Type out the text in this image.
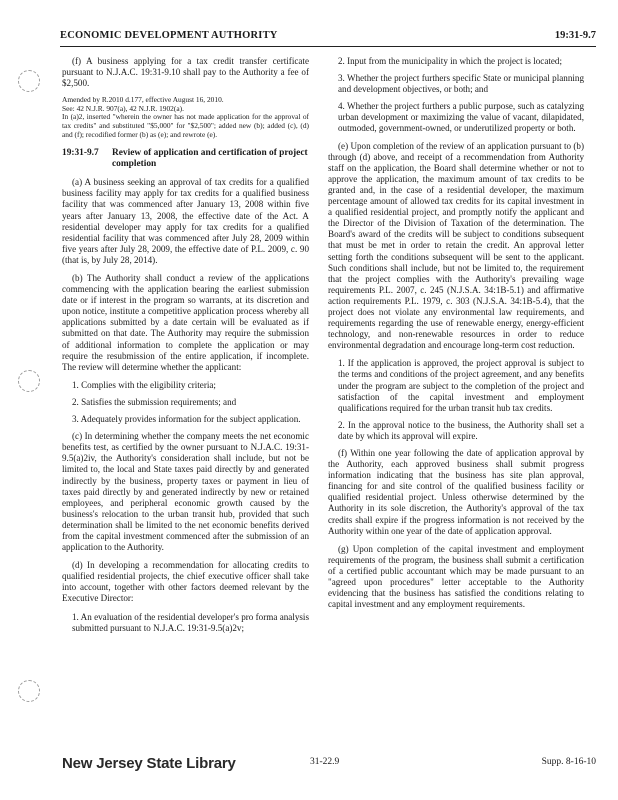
ECONOMIC DEVELOPMENT AUTHORITY	19:31-9.7

(f) A business applying for a tax credit transfer certificate pursuant to N.J.A.C. 19:31-9.10 shall pay to the Authority a fee of $2,500.

Amended by R.2010 d.177, effective August 16, 2010.
See: 42 N.J.R. 907(a), 42 N.J.R. 1902(a).
In (a)2, inserted "wherein the owner has not made application for the approval of tax credits" and substituted "$5,000" for "$2,500"; added new (b); added (c), (d) and (f); recodified former (b) as (e); and rewrote (e).

19:31-9.7	Review of application and certification of project completion

(a) A business seeking an approval of tax credits for a qualified business facility may apply for tax credits for a qualified business facility that was commenced after January 13, 2008 within five years after January 13, 2008, the effective date of the Act. A residential developer may apply for tax credits for a qualified residential facility that was commenced after July 28, 2009 within five years after July 28, 2009, the effective date of P.L. 2009, c. 90 (that is, by July 28, 2014).

(b) The Authority shall conduct a review of the applications commencing with the application bearing the earliest submission date or if interest in the program so warrants, at its discretion and upon notice, institute a competitive application process whereby all applications submitted by a date certain will be evaluated as if submitted on that date. The Authority may require the submission of additional information to complete the application or may require the resubmission of the entire application, if incomplete. The review will determine whether the applicant:

1. Complies with the eligibility criteria;

2. Satisfies the submission requirements; and

3. Adequately provides information for the subject application.

(c) In determining whether the company meets the net economic benefits test, as certified by the owner pursuant to N.J.A.C. 19:31-9.5(a)2iv, the Authority's consideration shall include, but not be limited to, the local and State taxes paid directly by and generated indirectly by the business, property taxes or payment in lieu of taxes paid directly by and generated indirectly by new or retained employees, and peripheral economic growth caused by the business's relocation to the urban transit hub, provided that such determination shall be limited to the net economic benefits derived from the capital investment commenced after the submission of an application to the Authority.

(d) In developing a recommendation for allocating credits to qualified residential projects, the chief executive officer shall take into account, together with other factors deemed relevant by the Executive Director:

1. An evaluation of the residential developer's pro forma analysis submitted pursuant to N.J.A.C. 19:31-9.5(a)2v;

2. Input from the municipality in which the project is located;

3. Whether the project furthers specific State or municipal planning and development objectives, or both; and

4. Whether the project furthers a public purpose, such as catalyzing urban development or maximizing the value of vacant, dilapidated, outmoded, government-owned, or underutilized property or both.

(e) Upon completion of the review of an application pursuant to (b) through (d) above, and receipt of a recommendation from Authority staff on the application, the Board shall determine whether or not to approve the application, the maximum amount of tax credits to be granted and, in the case of a residential developer, the maximum percentage amount of allowed tax credits for its capital investment in a qualified residential project, and promptly notify the applicant and the Director of the Division of Taxation of the determination. The Board's award of the credits will be subject to conditions subsequent that must be met in order to retain the credit. An approval letter setting forth the conditions subsequent will be sent to the applicant. Such conditions shall include, but not be limited to, the requirement that the project complies with the Authority's prevailing wage requirements P.L. 2007, c. 245 (N.J.S.A. 34:1B-5.1) and affirmative action requirements P.L. 1979, c. 303 (N.J.S.A. 34:1B-5.4), that the project does not violate any environmental law requirements, and requirements regarding the use of renewable energy, energy-efficient technology, and non-renewable resources in order to reduce environmental degradation and encourage long-term cost reduction.

1. If the application is approved, the project approval is subject to the terms and conditions of the project agreement, and any benefits under the program are subject to the completion of the project and satisfaction of the capital investment and employment qualifications required for the urban transit hub tax credits.

2. In the approval notice to the business, the Authority shall set a date by which its approval will expire.

(f) Within one year following the date of application approval by the Authority, each approved business shall submit progress information indicating that the business has site plan approval, financing for and site control of the qualified business facility or qualified residential project. Unless otherwise determined by the Authority in its sole discretion, the Authority's approval of the tax credits shall expire if the progress information is not received by the Authority within one year of the date of application approval.

(g) Upon completion of the capital investment and employment requirements of the program, the business shall submit a certification of a certified public accountant which may be made pursuant to an "agreed upon procedures" letter acceptable to the Authority evidencing that the business has satisfied the conditions relating to capital investment and any employment requirements.

New Jersey State Library	31-22.9	Supp. 8-16-10
